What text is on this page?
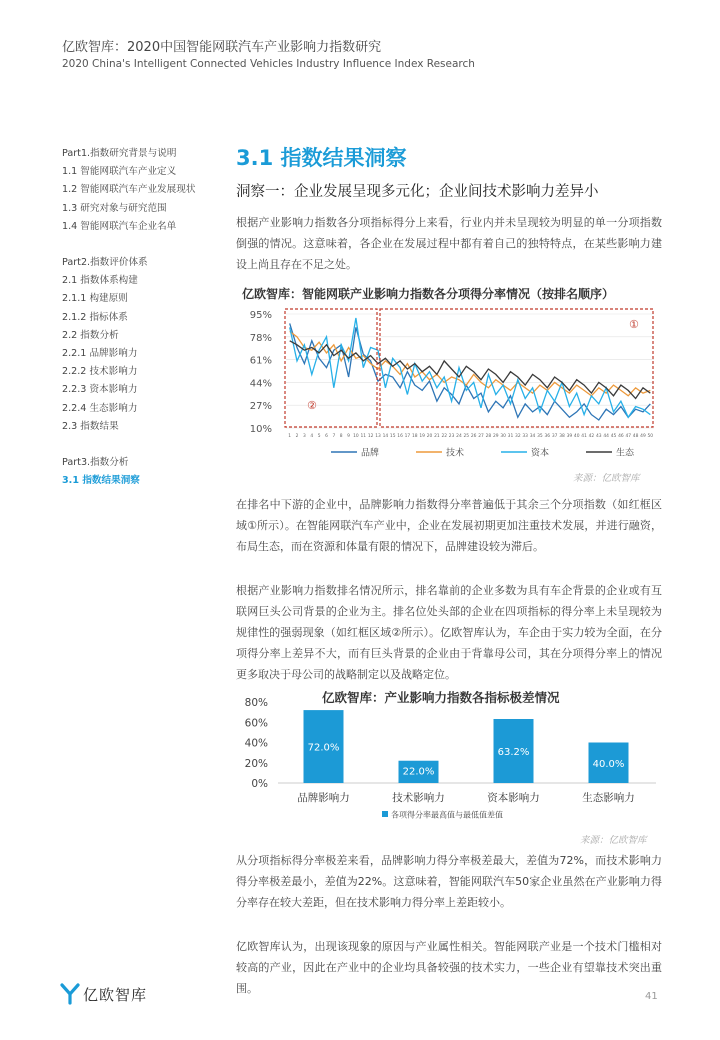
亿欧智库：2020中国智能网联汽车产业影响力指数研究
2020 China's Intelligent Connected Vehicles Industry Influence Index Research
Part1.指数研究背景与说明
1.1 智能网联汽车产业定义
1.2 智能网联汽车产业发展现状
1.3 研究对象与研究范围
1.4 智能网联汽车企业名单
Part2.指数评价体系
2.1 指数体系构建
2.1.1 构建原则
2.1.2 指标体系
2.2 指数分析
2.2.1 品牌影响力
2.2.2 技术影响力
2.2.3 资本影响力
2.2.4 生态影响力
2.3 指数结果
Part3.指数分析
3.1 指数结果洞察
3.1 指数结果洞察
洞察一：企业发展呈现多元化；企业间技术影响力差异小
根据产业影响力指数各分项指标得分上来看，行业内并未呈现较为明显的单一分项指数倒强的情况。这意味着，各企业在发展过程中都有着自己的独特特点，在某些影响力建设上尚且存在不足之处。
亿欧智库：智能网联产业影响力指数各分项得分率情况（按排名顺序）
95%
78%
61%
44%
27%
10%
1 2 3 4 5 6 7 8 9 10 11 12 13 14 15 16 17 18 19 20 21 22 23 24 25 26 27 28 29 30 31 32 33 34 35 36 37 38 39 40 41 42 43 44 45 46 47 48 49 50
②
①
品牌	技术	资本	生态
来源：亿欧智库
在排名中下游的企业中，品牌影响力指数得分率普遍低于其余三个分项指数（如红框区域①所示）。在智能网联汽车产业中，企业在发展初期更加注重技术发展，并进行融资，布局生态，而在资源和体量有限的情况下，品牌建设较为滞后。
根据产业影响力指数排名情况所示，排名靠前的企业多数为具有车企背景的企业或有互联网巨头公司背景的企业为主。排名位处头部的企业在四项指标的得分率上未呈现较为规律性的强弱现象（如红框区域②所示）。亿欧智库认为，车企由于实力较为全面，在分项得分率上差异不大，而有巨头背景的企业由于背靠母公司，其在分项得分率上的情况更多取决于母公司的战略制定以及战略定位。
亿欧智库：产业影响力指数各指标极差情况
80%
60%
40%
20%
0%
72.0%
22.0%
63.2%
40.0%
品牌影响力	技术影响力	资本影响力	生态影响力
各项得分率最高值与最低值差值
来源：亿欧智库
从分项指标得分率极差来看，品牌影响力得分率极差最大，差值为72%，而技术影响力得分率极差最小，差值为22%。这意味着，智能网联汽车50家企业虽然在产业影响力得分率存在较大差距，但在技术影响力得分率上差距较小。
亿欧智库认为，出现该现象的原因与产业属性相关。智能网联产业是一个技术门槛相对较高的产业，因此在产业中的企业均具备较强的技术实力，一些企业有望靠技术突出重围。
亿欧智库	41
